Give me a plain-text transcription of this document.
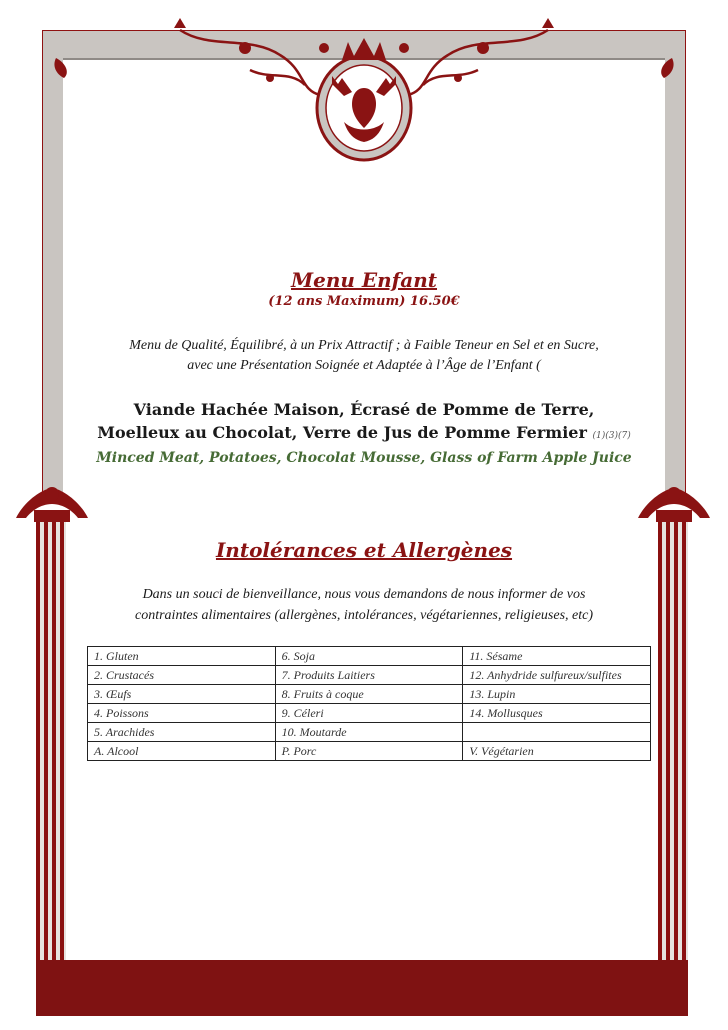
Menu Enfant
(12 ans Maximum) 16.50€
Menu de Qualité, Équilibré, à un Prix Attractif ; à Faible Teneur en Sel et en Sucre,
avec une Présentation Soignée et Adaptée à l’Âge de l’Enfant (
Viande Hachée Maison, Écrasé de Pomme de Terre,
Moelleux au Chocolat, Verre de Jus de Pomme Fermier (1)(3)(7)
Minced Meat, Potatoes, Chocolat Mousse, Glass of Farm Apple Juice
Intolérances et Allergènes
Dans un souci de bienveillance, nous vous demandons de nous informer de vos
contraintes alimentaires (allergènes, intolérances, végétariennes, religieuses, etc)
1. Gluten	6. Soja	11. Sésame
2. Crustacés	7. Produits Laitiers	12. Anhydride sulfureux/sulfites
3. Œufs	8. Fruits à coque	13. Lupin
4. Poissons	9. Céleri	14. Mollusques
5. Arachides	10. Moutarde	
A. Alcool	P. Porc	V. Végétarien
